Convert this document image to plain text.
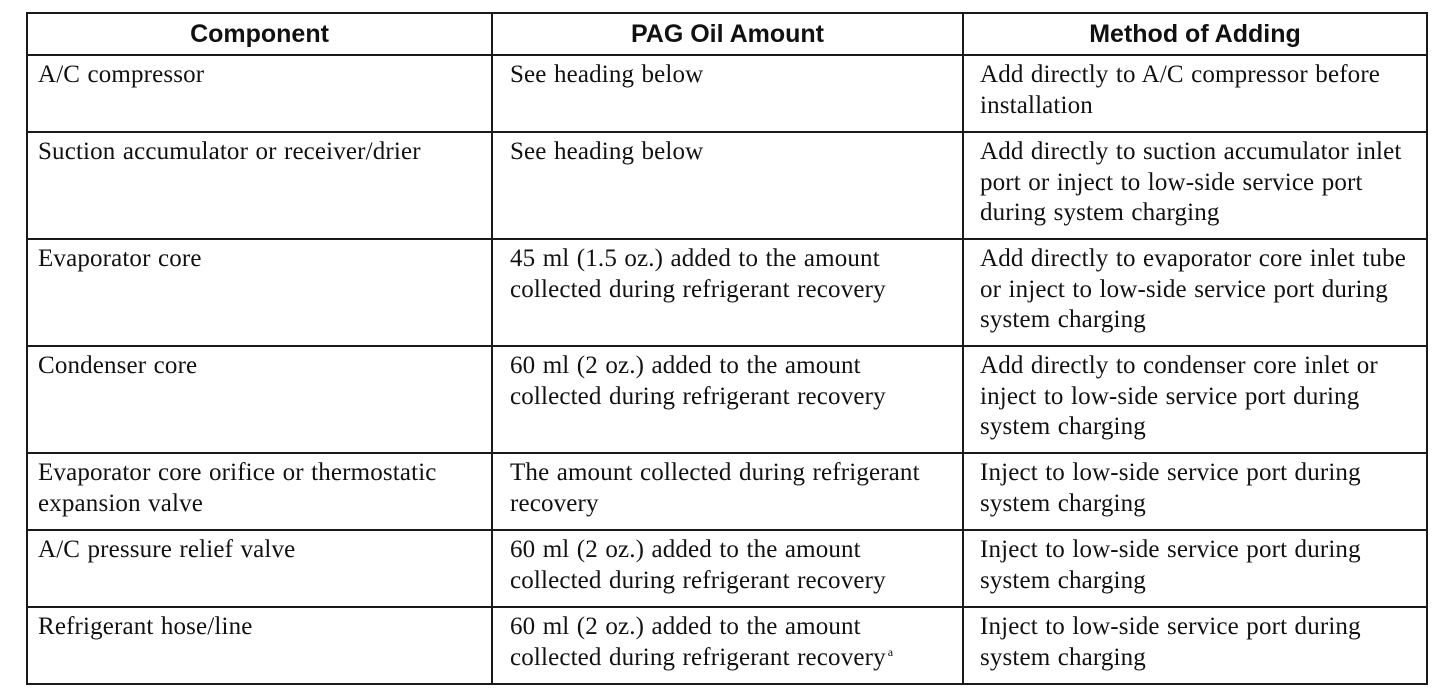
Component	PAG Oil Amount	Method of Adding
A/C compressor	See heading below	Add directly to A/C compressor before installation
Suction accumulator or receiver/drier	See heading below	Add directly to suction accumulator inlet port or inject to low-side service port during system charging
Evaporator core	45 ml (1.5 oz.) added to the amount collected during refrigerant recovery	Add directly to evaporator core inlet tube or inject to low-side service port during system charging
Condenser core	60 ml (2 oz.) added to the amount collected during refrigerant recovery	Add directly to condenser core inlet or inject to low-side service port during system charging
Evaporator core orifice or thermostatic expansion valve	The amount collected during refrigerant recovery	Inject to low-side service port during system charging
A/C pressure relief valve	60 ml (2 oz.) added to the amount collected during refrigerant recovery	Inject to low-side service port during system charging
Refrigerant hose/line	60 ml (2 oz.) added to the amount collected during refrigerant recovery $^a$	Inject to low-side service port during system charging
